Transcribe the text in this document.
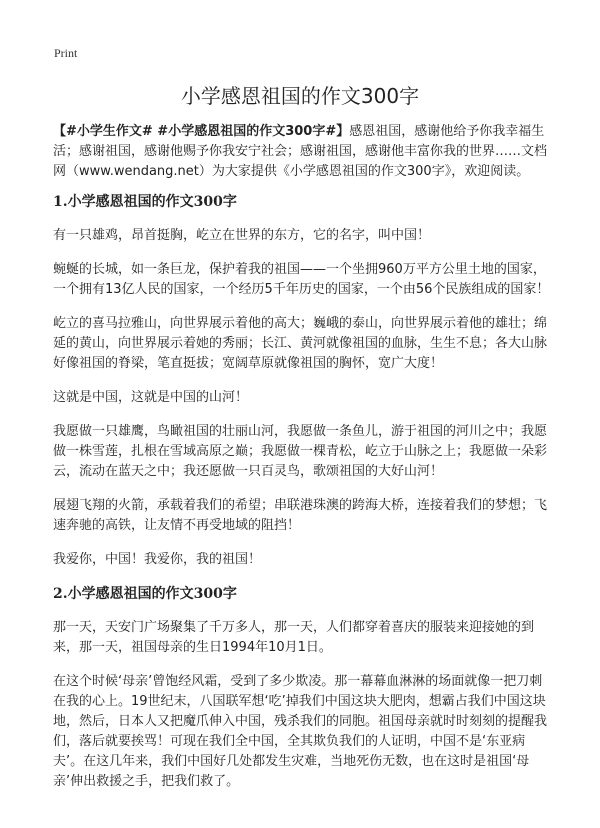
Print
小学感恩祖国的作文300字

【#小学生作文# #小学感恩祖国的作文300字#】感恩祖国，感谢他给予你我幸福生活；感谢祖国，感谢他赐予你我安宁社会；感谢祖国，感谢他丰富你我的世界……文档网（www.wendang.net）为大家提供《小学感恩祖国的作文300字》，欢迎阅读。

1.小学感恩祖国的作文300字

有一只雄鸡，昂首挺胸，屹立在世界的东方，它的名字，叫中国！

蜿蜒的长城，如一条巨龙，保护着我的祖国——一个坐拥960万平方公里土地的国家，一个拥有13亿人民的国家，一个经历5千年历史的国家，一个由56个民族组成的国家！

屹立的喜马拉雅山，向世界展示着他的高大；巍峨的泰山，向世界展示着他的雄壮；绵延的黄山，向世界展示着她的秀丽；长江、黄河就像祖国的血脉，生生不息；各大山脉好像祖国的脊梁，笔直挺拔；宽阔草原就像祖国的胸怀，宽广大度！

这就是中国，这就是中国的山河！

我愿做一只雄鹰，鸟瞰祖国的壮丽山河，我愿做一条鱼儿，游于祖国的河川之中；我愿做一株雪莲，扎根在雪域高原之巅；我愿做一棵青松，屹立于山脉之上；我愿做一朵彩云，流动在蓝天之中；我还愿做一只百灵鸟，歌颂祖国的大好山河！

展翅飞翔的火箭，承载着我们的希望；串联港珠澳的跨海大桥，连接着我们的梦想；飞速奔驰的高铁，让友情不再受地域的阻挡！

我爱你，中国！我爱你，我的祖国！

2.小学感恩祖国的作文300字

那一天，天安门广场聚集了千万多人，那一天，人们都穿着喜庆的服装来迎接她的到来，那一天，祖国母亲的生日1994年10月1日。

在这个时候‘母亲’曾饱经风霜，受到了多少欺凌。那一幕幕血淋淋的场面就像一把刀刺在我的心上。19世纪末，八国联军想‘吃’掉我们中国这块大肥肉，想霸占我们中国这块地，然后，日本人又把魔爪伸入中国，残杀我们的同胞。祖国母亲就时时刻刻的提醒我们，落后就要挨骂！可现在我们全中国，全其欺负我们的人证明，中国不是‘东亚病夫’。在这几年来，我们中国好几处都发生灾难，当地死伤无数，也在这时是祖国‘母亲’伸出救援之手，把我们救了。
